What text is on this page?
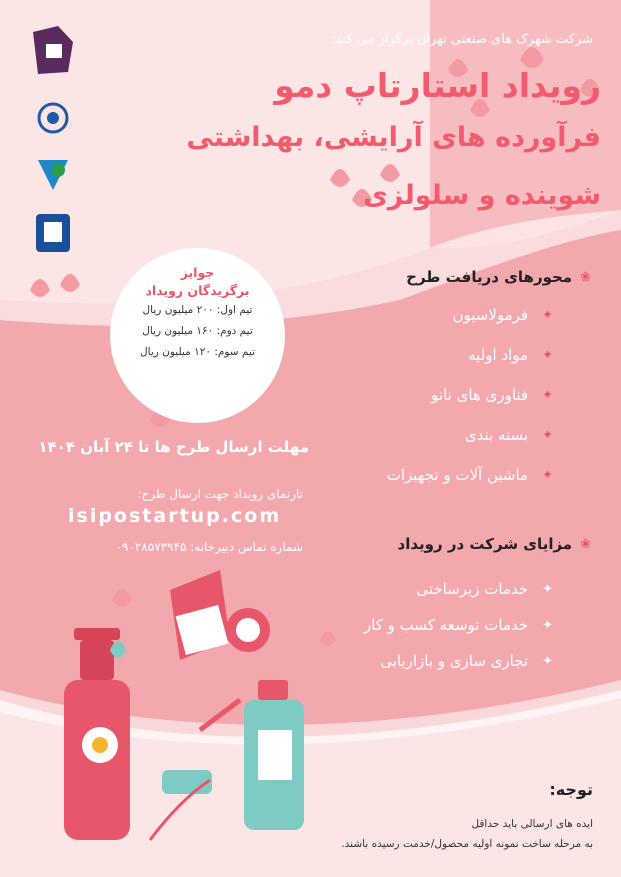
شرکت شهرک های صنعتی تهران برگزار می کند:
رویداد استارتاپ دمو
فرآورده های آرایشی، بهداشتی
شوینده و سلولزی
جوایز
برگزیدگان رویداد
تیم اول: ۲۰۰ میلیون ریال
تیم دوم: ۱۶۰ میلیون ریال
تیم سوم: ۱۲۰ میلیون ریال
❀
محورهای دریافت طرح
✦
فرمولاسیون
✦
مواد اولیه
✦
فناوری های نانو
✦
بسته بندی
✦
ماشین آلات و تجهیزات
مهلت ارسال طرح ها تا ۲۴ آبان ۱۴۰۴
تارنمای رویداد جهت ارسال طرح:
isipostartup.com
شماره تماس دبیرخانه: ۰۹۰۲۸۵۷۳۹۴۵	❀
مزایای شرکت در رویداد
✦
خدمات زیرساختی
✦
خدمات توسعه کسب و کار
✦
تجاری سازی و بازاریابی
توجه:
ایده های ارسالی باید حداقل
به مرحله ساخت نمونه اولیه محصول/خدمت رسیده باشند.
